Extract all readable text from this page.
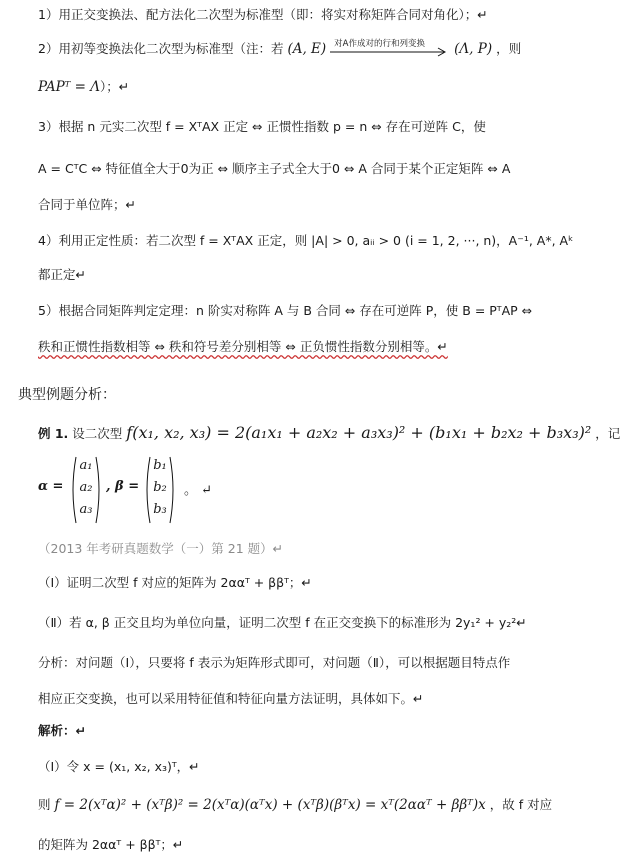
1）用正交变换法、配方法化二次型为标准型（即：将实对称矩阵合同对角化）；↵
2）用初等变换法化二次型为标准型（注：若 (A, E) 对A作成对的行和列变换 (Λ, P) ，则
PAPᵀ = Λ）；↵
3）根据 n 元实二次型 f = XᵀAX 正定 ⇔ 正惯性指数 p = n ⇔ 存在可逆阵 C，使
A = CᵀC ⇔ 特征值全大于0为正 ⇔ 顺序主子式全大于0 ⇔ A 合同于某个正定矩阵 ⇔ A
合同于单位阵；↵
4）利用正定性质：若二次型 f = XᵀAX 正定，则 |A| > 0, aᵢᵢ > 0 (i = 1, 2, ···, n)，A⁻¹, A*, Aᵏ
都正定↵
5）根据合同矩阵判定定理：n 阶实对称阵 A 与 B 合同 ⇔ 存在可逆阵 P，使 B = PᵀAP ⇔
秩和正惯性指数相等 ⇔ 秩和符号差分别相等 ⇔ 正负惯性指数分别相等。↵
典型例题分析：
例 1. 设二次型 f(x₁, x₂, x₃) = 2(a₁x₁ + a₂x₂ + a₃x₃)² + (b₁x₁ + b₂x₂ + b₃x₃)² ，记
α =
a₁
a₂
a₃
, β =
b₁
b₂
b₃
。 ↵
（2013 年考研真题数学（一）第 21 题）↵
（Ⅰ）证明二次型 f 对应的矩阵为 2ααᵀ + ββᵀ；↵
（Ⅱ）若 α, β 正交且均为单位向量，证明二次型 f 在正交变换下的标准形为 2y₁² + y₂²↵
分析：对问题（Ⅰ），只要将 f 表示为矩阵形式即可，对问题（Ⅱ），可以根据题目特点作
相应正交变换，也可以采用特征值和特征向量方法证明，具体如下。↵
解析：↵
（Ⅰ）令 x = (x₁, x₂, x₃)ᵀ，↵
则 f = 2(xᵀα)² + (xᵀβ)² = 2(xᵀα)(αᵀx) + (xᵀβ)(βᵀx) = xᵀ(2ααᵀ + ββᵀ)x ，故 f 对应
的矩阵为 2ααᵀ + ββᵀ；↵
